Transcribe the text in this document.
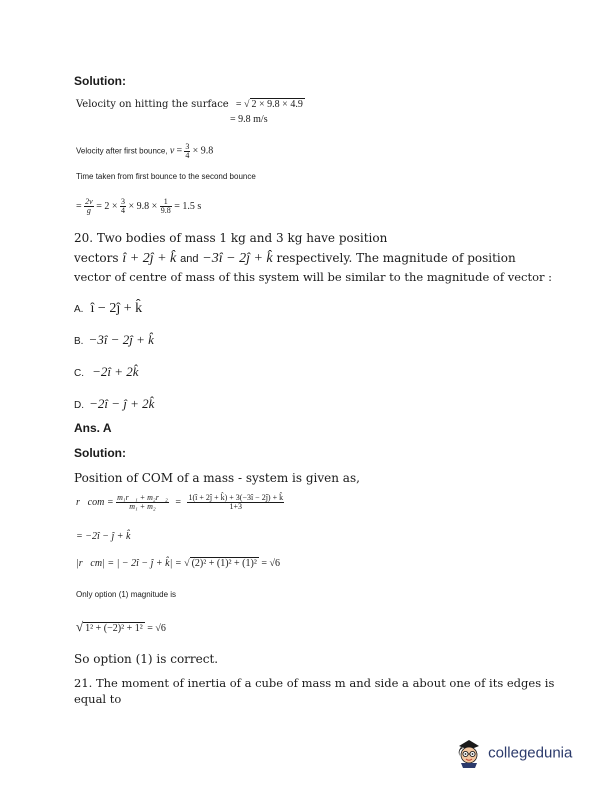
Solution:
Velocity on hitting the surface = √ 2 × 9.8 × 4.9
= 9.8 m/s
Velocity after first bounce, $v = \frac{3}{4} \times 9.8$
Time taken from first bounce to the second bounce
= $\frac{2v}{g} = 2 \times \frac{3}{4} \times 9.8 \times \frac{1}{9.8} = 1.5$ s
20. Two bodies of mass 1 kg and 3 kg have position
vectors î + 2ĵ + k̂ and −3î − 2ĵ + k̂ respectively. The magnitude of position
vector of centre of mass of this system will be similar to the magnitude of vector :
A. î − 2ĵ + k̂
B. −3î − 2ĵ + k̂
C. −2î + 2k̂
D. −2î − ĵ + 2k̂
Ans. A
Solution:
Position of COM of a mass - system is given as,
r⃗com = $\frac{\text{m₁r⃗₁ + m₂r⃗₂}}{\text{m₁ + m₂}} = \frac{1(î + 2ĵ + k̂) + 3(-3î - 2ĵ) + k̂}{1+3}$
= −2î − ĵ + k̂
|r⃗cm| = | − 2î − ĵ + k̂| = √ (2)² + (1)² + (1)² = √6
Only option (1) magnitude is
√ 1² + (−2)² + 1² = √6
So option (1) is correct.
21. The moment of inertia of a cube of mass m and side a about one of its edges is
equal to
collegedunia
